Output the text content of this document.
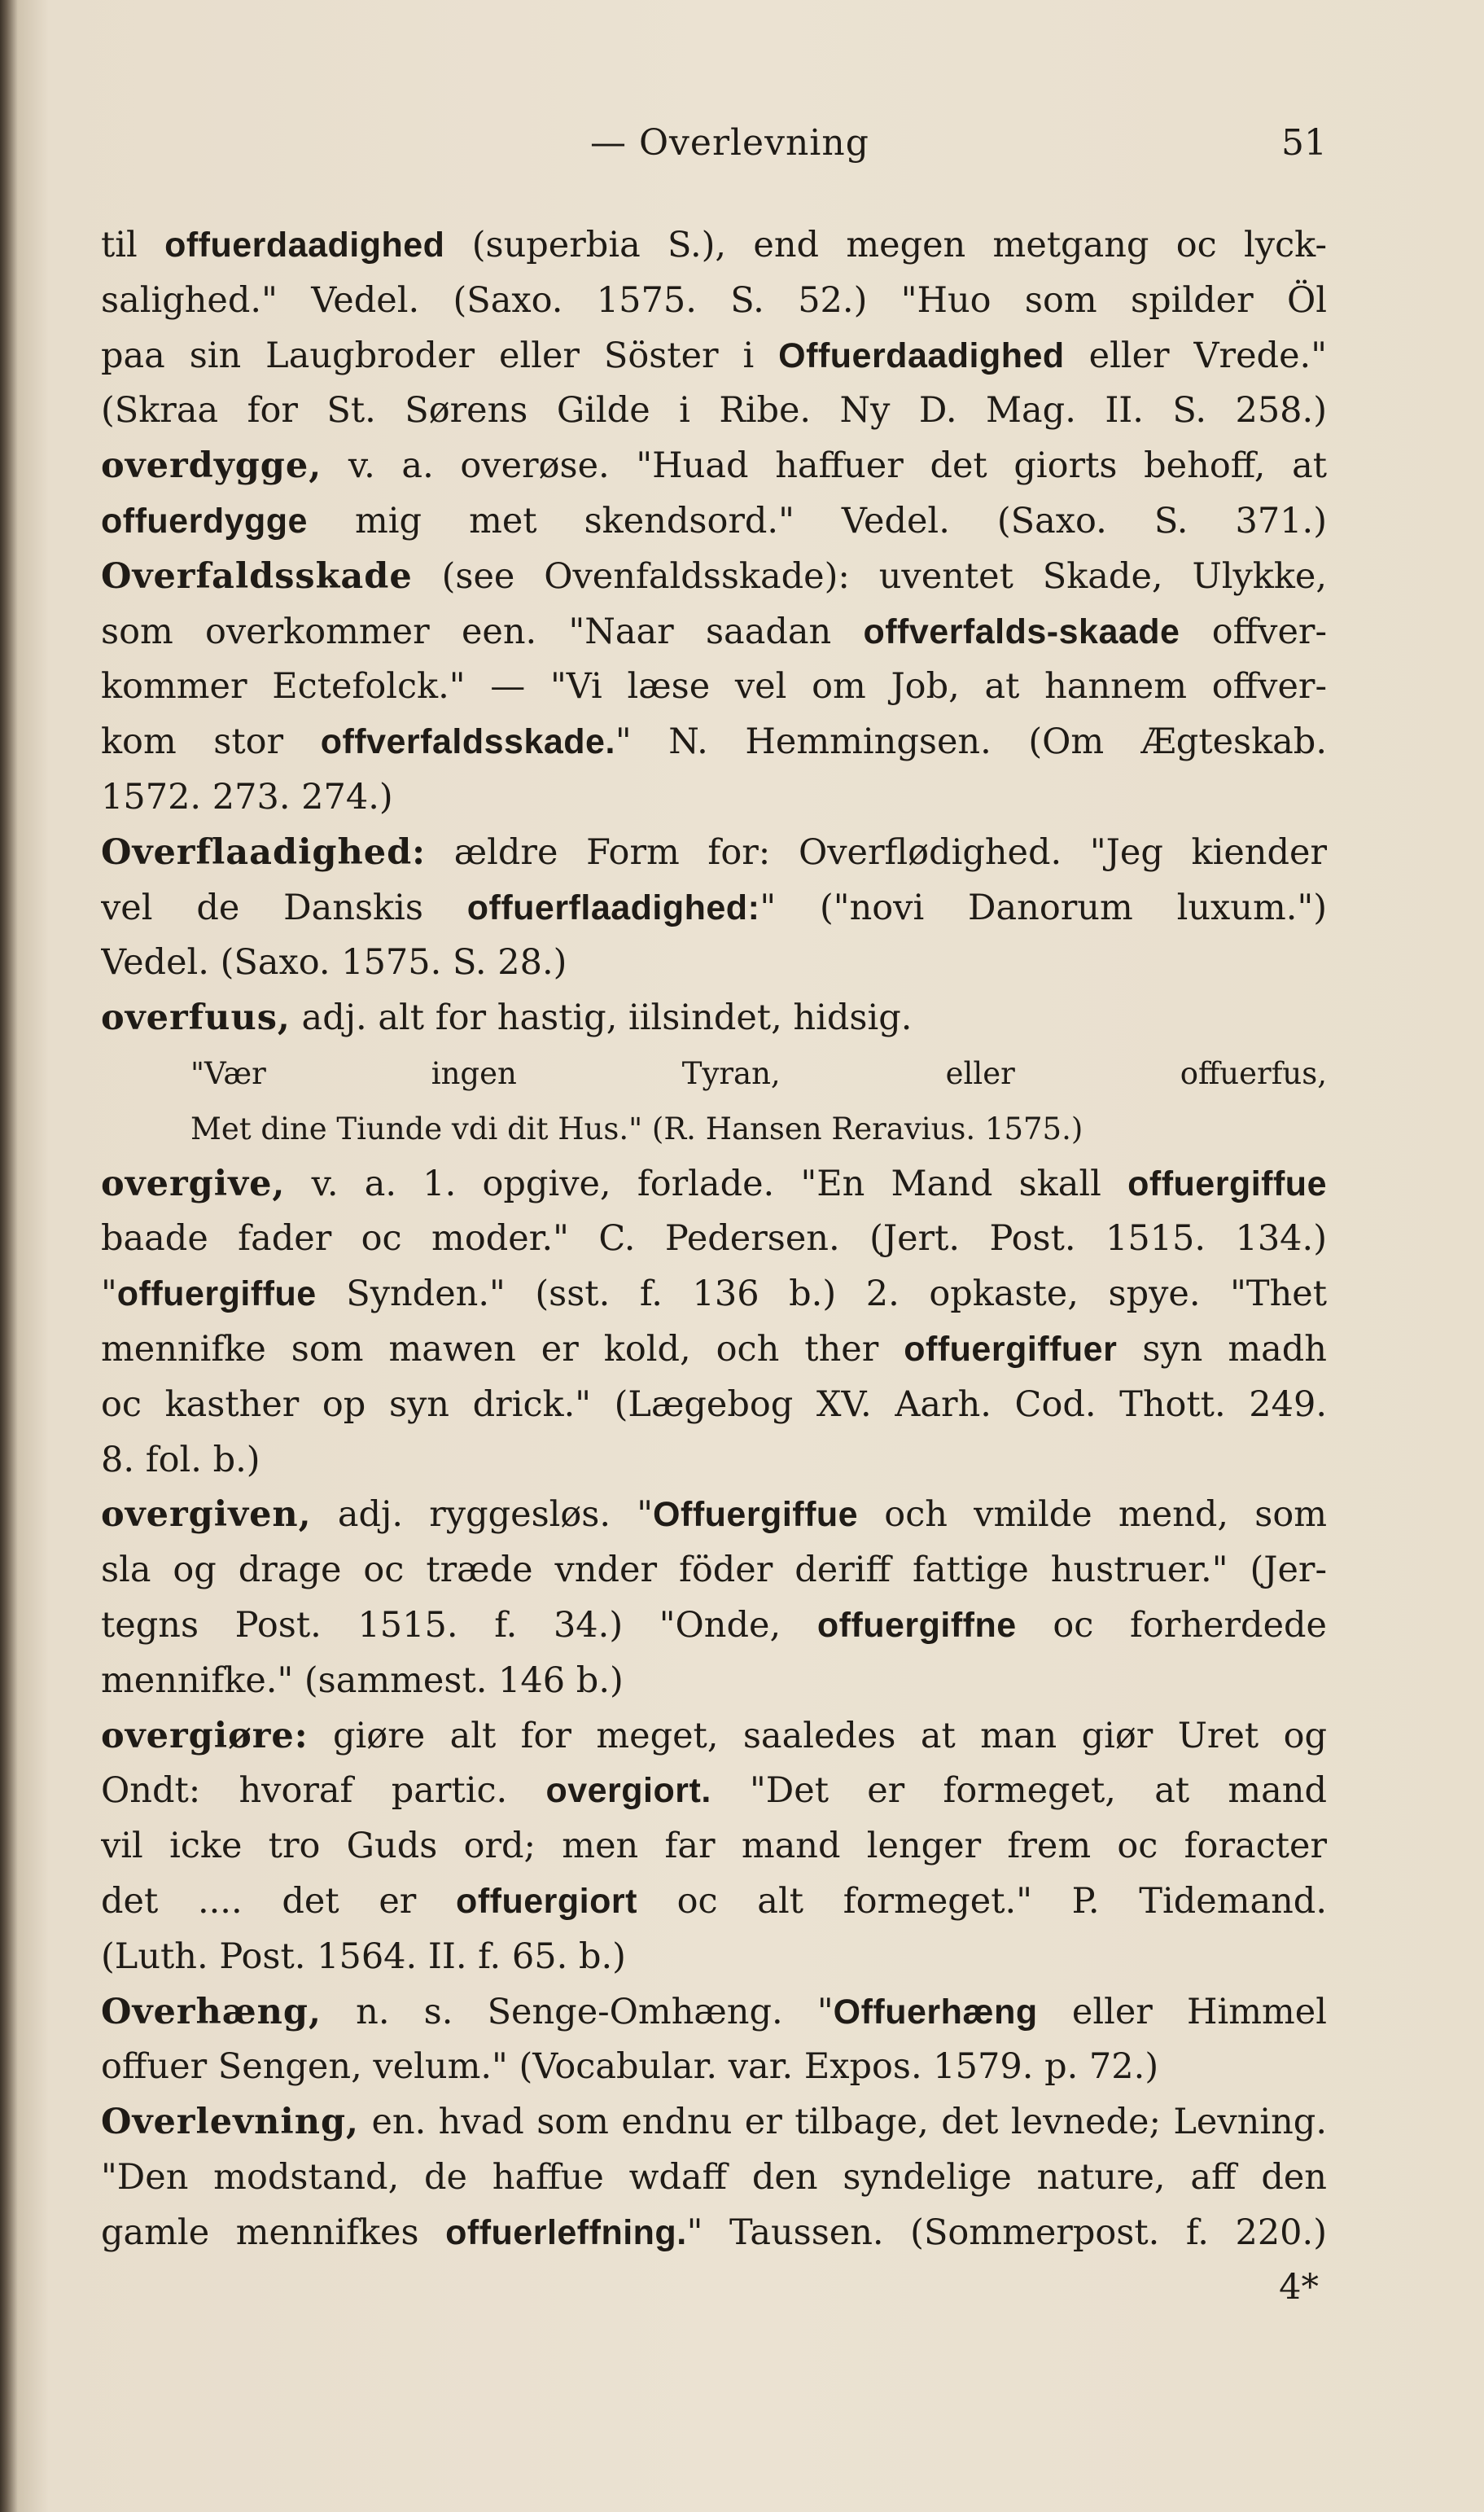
— Overlevning	51
til offuerdaadighed (superbia S.), end megen metgang oc lyck-
salighed." Vedel. (Saxo. 1575. S. 52.) "Huo som spilder Öl
paa sin Laugbroder eller Söster i Offuerdaadighed eller Vrede."
(Skraa for St. Sørens Gilde i Ribe. Ny D. Mag. II. S. 258.)
overdygge, v. a. overøse. "Huad haffuer det giorts behoff, at
offuerdygge mig met skendsord." Vedel. (Saxo. S. 371.)
Overfaldsskade (see Ovenfaldsskade): uventet Skade, Ulykke,
som overkommer een. "Naar saadan offverfalds-skaade offver-
kommer Ectefolck." — "Vi læse vel om Job, at hannem offver-
kom stor offverfaldsskade." N. Hemmingsen. (Om Ægteskab.
1572. 273. 274.)
Overflaadighed: ældre Form for: Overflødighed. "Jeg kiender
vel de Danskis offuerflaadighed:" ("novi Danorum luxum.")
Vedel. (Saxo. 1575. S. 28.)
overfuus, adj. alt for hastig, iilsindet, hidsig.
"Vær ingen Tyran, eller offuerfus,
Met dine Tiunde vdi dit Hus." (R. Hansen Reravius. 1575.)
overgive, v. a. 1. opgive, forlade. "En Mand skall offuergiffue
baade fader oc moder." C. Pedersen. (Jert. Post. 1515. 134.)
"offuergiffue Synden." (sst. f. 136 b.) 2. opkaste, spye. "Thet
mennifke som mawen er kold, och ther offuergiffuer syn madh
oc kasther op syn drick." (Lægebog XV. Aarh. Cod. Thott. 249.
8. fol. b.)
overgiven, adj. ryggesløs. "Offuergiffue och vmilde mend, som
sla og drage oc træde vnder föder deriff fattige hustruer." (Jer-
tegns Post. 1515. f. 34.) "Onde, offuergiffne oc forherdede
mennifke." (sammest. 146 b.)
overgiøre: giøre alt for meget, saaledes at man giør Uret og
Ondt: hvoraf partic. overgiort. "Det er formeget, at mand
vil icke tro Guds ord; men far mand lenger frem oc foracter
det .... det er offuergiort oc alt formeget." P. Tidemand.
(Luth. Post. 1564. II. f. 65. b.)
Overhæng, n. s. Senge-Omhæng. "Offuerhæng eller Himmel
offuer Sengen, velum." (Vocabular. var. Expos. 1579. p. 72.)
Overlevning, en. hvad som endnu er tilbage, det levnede; Levning.
"Den modstand, de haffue wdaff den syndelige nature, aff den
gamle mennifkes offuerleffning." Taussen. (Sommerpost. f. 220.)
4*
